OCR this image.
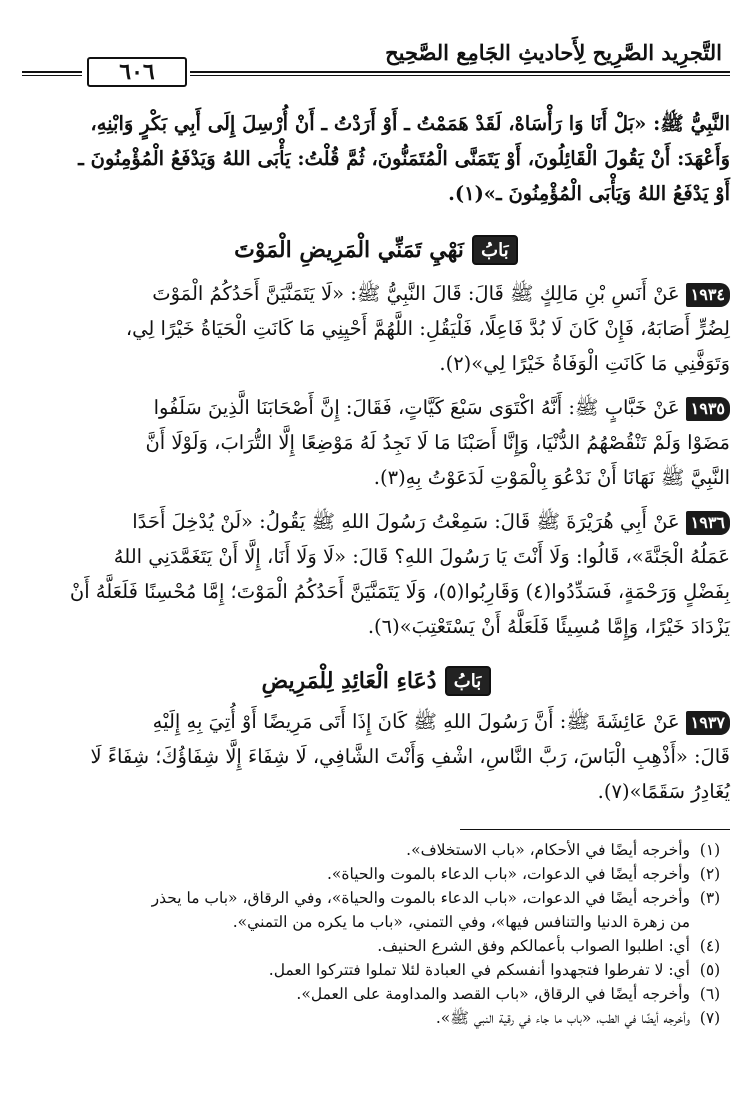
التَّجرِيد الصَّرِيح لِأَحاديثِ الجَامِع الصَّحِيح
٦٠٦

النَّبِيُّ ﷺ: «بَلْ أَنَا وَا رَأْسَاهْ، لَقَدْ هَمَمْتُ ـ أَوْ أَرَدْتُ ـ أَنْ أُرْسِلَ إِلَى أَبِي بَكْرٍ وَابْنِهِ،
وَأَعْهَدَ: أَنْ يَقُولَ الْقَائِلُونَ، أَوْ يَتَمَنَّى الْمُتَمَنُّونَ، ثُمَّ قُلْتُ: يَأْبَى اللهُ وَيَدْفَعُ الْمُؤْمِنُونَ ـ
أَوْ يَدْفَعُ اللهُ وَيَأْبَى الْمُؤْمِنُونَ ـ»(١).

بَابُ
نَهْيِ تَمَنِّي الْمَرِيضِ الْمَوْتَ

١٩٣٤عَنْ أَنَسِ بْنِ مَالِكٍ ﷺ قَالَ: قَالَ النَّبِيُّ ﷺ: «لَا يَتَمَنَّيَنَّ أَحَدُكُمُ الْمَوْتَ
لِضُرٍّ أَصَابَهُ، فَإِنْ كَانَ لَا بُدَّ فَاعِلًا، فَلْيَقُلِ: اللَّهُمَّ أَحْيِنِي مَا كَانَتِ الْحَيَاةُ خَيْرًا لِي،
وَتَوَفَّنِي مَا كَانَتِ الْوَفَاةُ خَيْرًا لِي»(٢).

١٩٣٥عَنْ خَبَّابٍ ﷺ: أَنَّهُ اكْتَوَى سَبْعَ كَيَّاتٍ، فَقَالَ: إِنَّ أَصْحَابَنَا الَّذِينَ سَلَفُوا
مَضَوْا وَلَمْ تَنْقُصْهُمُ الدُّنْيَا، وَإِنَّا أَصَبْنَا مَا لَا نَجِدُ لَهُ مَوْضِعًا إِلَّا التُّرَابَ، وَلَوْلَا أَنَّ
النَّبِيَّ ﷺ نَهَانَا أَنْ نَدْعُوَ بِالْمَوْتِ لَدَعَوْتُ بِهِ(٣).

١٩٣٦عَنْ أَبِي هُرَيْرَةَ ﷺ قَالَ: سَمِعْتُ رَسُولَ اللهِ ﷺ يَقُولُ: «لَنْ يُدْخِلَ أَحَدًا
عَمَلُهُ الْجَنَّةَ»، قَالُوا: وَلَا أَنْتَ يَا رَسُولَ اللهِ؟ قَالَ: «لَا وَلَا أَنَا، إِلَّا أَنْ يَتَغَمَّدَنِي اللهُ
بِفَضْلٍ وَرَحْمَةٍ، فَسَدِّدُوا(٤) وَقَارِبُوا(٥)، وَلَا يَتَمَنَّيَنَّ أَحَدُكُمُ الْمَوْتَ؛ إِمَّا مُحْسِنًا فَلَعَلَّهُ أَنْ
يَزْدَادَ خَيْرًا، وَإِمَّا مُسِيئًا فَلَعَلَّهُ أَنْ يَسْتَعْتِبَ»(٦).

بَابُ
دُعَاءِ الْعَائِدِ لِلْمَرِيضِ

١٩٣٧عَنْ عَائِشَةَ ﷺ: أَنَّ رَسُولَ اللهِ ﷺ كَانَ إِذَا أَتَى مَرِيضًا أَوْ أُتِيَ بِهِ إِلَيْهِ
قَالَ: «أَذْهِبِ الْبَاسَ، رَبَّ النَّاسِ، اشْفِ وَأَنْتَ الشَّافِي، لَا شِفَاءَ إِلَّا شِفَاؤُكَ؛ شِفَاءً لَا
يُغَادِرُ سَقَمًا»(٧).

(١)
وأخرجه أيضًا في الأحكام، «باب الاستخلاف».
(٢)
وأخرجه أيضًا في الدعوات، «باب الدعاء بالموت والحياة».
(٣)
وأخرجه أيضًا في الدعوات، «باب الدعاء بالموت والحياة»، وفي الرقاق، «باب ما يحذر
من زهرة الدنيا والتنافس فيها»، وفي التمني، «باب ما يكره من التمني».
(٤)
أي: اطلبوا الصواب بأعمالكم وفق الشرع الحنيف.
(٥)
أي: لا تفرطوا فتجهدوا أنفسكم في العبادة لئلا تملوا فتتركوا العمل.
(٦)
وأخرجه أيضًا في الرقاق، «باب القصد والمداومة على العمل».
(٧)
وأخرجه أيضًا في الطب، «باب ما جاء في رقية النبي ﷺ».
